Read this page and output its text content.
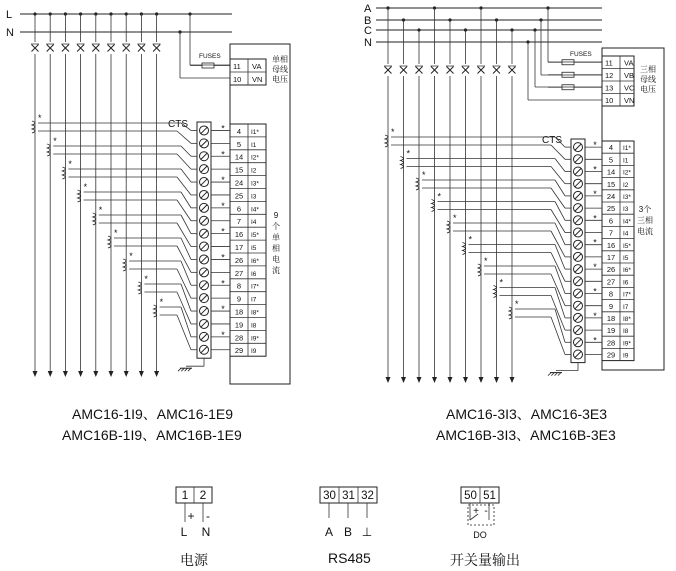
L
N
11 VA
10 VN
单相
母线
电压
FUSES
4 I1*
5 I1
14 I2*
15 I2
24 I3*
25 I3
6 I4*
7 I4
16 I5*
17 I5
26 I6*
27 I6
8 I7*
9 I7
18 I8*
19 I8
28 I9*
29 I9
9
个
单
相
电
流
CTS
*
*
*
*
*
*
*
*
*
*
*
*
*
*
*
*
*
*
A
B
C
N
11 VA
12 VB
13 VC
10 VN
三相
母线
电压
FUSES
4 I1*
5 I1
14 I2*
15 I2
24 I3*
25 I3
6 I4*
7 I4
16 I5*
17 I5
26 I6*
27 I6
8 I7*
9 I7
18 I8*
19 I8
28 I9*
29 I9
3个
三相
电流
CTS
*
*
*
*
*
*
*
*
*
*
*
*
*
*
*
*
*
*
1
+
L
2
-
N
30 31 32
A B ⊥
50 51
+ -
DO
AMC16-1I9、AMC16-1E9
AMC16B-1I9、AMC16B-1E9
AMC16-3I3、AMC16-3E3
AMC16B-3I3、AMC16B-3E3
电源	RS485	开关量输出
